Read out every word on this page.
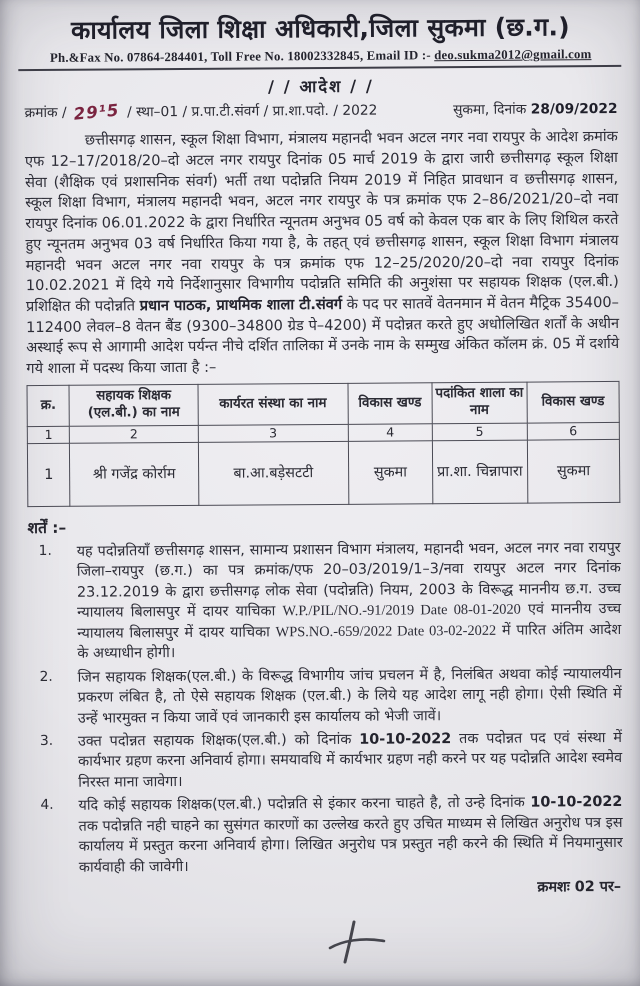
कार्यालय जिला शिक्षा अधिकारी,जिला सुकमा (छ.ग.)
Ph.&Fax No. 07864-284401, Toll Free No. 18002332845, Email ID :- deo.sukma2012@gmail.com
/ / आदेश / /
क्रमांक / 29¹5 / स्था–01 / प्र.पा.टी.संवर्ग / प्रा.शा.पदो. / 2022	सुकमा, दिनांक 28/09/2022

छत्तीसगढ़ शासन, स्कूल शिक्षा विभाग, मंत्रालय महानदी भवन अटल नगर नवा रायपुर के आदेश क्रमांक एफ 12–17/2018/20–दो अटल नगर रायपुर दिनांक 05 मार्च 2019 के द्वारा जारी छत्तीसगढ़ स्कूल शिक्षा सेवा (शैक्षिक एवं प्रशासनिक संवर्ग) भर्ती तथा पदोन्नति नियम 2019 में निहित प्रावधान व छत्तीसगढ़ शासन, स्कूल शिक्षा विभाग, मंत्रालय महानदी भवन, अटल नगर रायपुर के पत्र क्रमांक एफ 2–86/2021/20–दो नवा रायपुर दिनांक 06.01.2022 के द्वारा निर्धारित न्यूनतम अनुभव 05 वर्ष को केवल एक बार के लिए शिथिल करते हुए न्यूनतम अनुभव 03 वर्ष निर्धारित किया गया है, के तहत् एवं छत्तीसगढ़ शासन, स्कूल शिक्षा विभाग मंत्रालय महानदी भवन अटल नगर नवा रायपुर के पत्र क्रमांक एफ 12–25/2020/20–दो नवा रायपुर दिनांक 10.02.2021 में दिये गये निर्देशानुसार विभागीय पदोन्नति समिति की अनुशंसा पर सहायक शिक्षक (एल.बी.) प्रशिक्षित की पदोन्नति प्रधान पाठक, प्राथमिक शाला टी.संवर्ग के पद पर सातवें वेतनमान में वेतन मैट्रिक 35400–112400 लेवल–8 वेतन बैंड (9300–34800 ग्रेड पे–4200) में पदोन्नत करते हुए अधोलिखित शर्तों के अधीन अस्थाई रूप से आगामी आदेश पर्यन्त नीचे दर्शित तालिका में उनके नाम के सम्मुख अंकित कॉलम क्रं. 05 में दर्शाये गये शाला में पदस्थ किया जाता है :–

क्र.	सहायक शिक्षक (एल.बी.) का नाम	कार्यरत संस्था का नाम	विकास खण्ड	पदांकित शाला का नाम	विकास खण्ड
1	2	3	4	5	6
1	श्री गजेंद्र कोर्राम	बा.आ.बड़ेसटटी	सुकमा	प्रा.शा. चिन्नापारा	सुकमा
शर्तें :–
1.	यह पदोन्नतियाँ छत्तीसगढ़ शासन, सामान्य प्रशासन विभाग मंत्रालय, महानदी भवन, अटल नगर नवा रायपुर जिला–रायपुर (छ.ग.) का पत्र क्रमांक/एफ 20–03/2019/1–3/नवा रायपुर अटल नगर दिनांक 23.12.2019 के द्वारा छत्तीसगढ़ लोक सेवा (पदोन्नति) नियम, 2003 के विरूद्ध माननीय छ.ग. उच्च न्यायालय बिलासपुर में दायर याचिका W.P./PIL/NO.-91/2019 Date 08-01-2020 एवं माननीय उच्च न्यायालय बिलासपुर में दायर याचिका WPS.NO.-659/2022 Date 03-02-2022 में पारित अंतिम आदेश के अध्याधीन होगी।
2.	जिन सहायक शिक्षक(एल.बी.) के विरूद्ध विभागीय जांच प्रचलन में है, निलंबित अथवा कोई न्यायालयीन प्रकरण लंबित है, तो ऐसे सहायक शिक्षक (एल.बी.) के लिये यह आदेश लागू नही होगा। ऐसी स्थिति में उन्हें भारमुक्त न किया जावें एवं जानकारी इस कार्यालय को भेजी जावें।
3.	उक्त पदोन्नत सहायक शिक्षक(एल.बी.) को दिनांक 10-10-2022 तक पदोन्नत पद एवं संस्था में कार्यभार ग्रहण करना अनिवार्य होगा। समयावधि में कार्यभार ग्रहण नही करने पर यह पदोन्नति आदेश स्वमेव निरस्त माना जावेगा।
4.	यदि कोई सहायक शिक्षक(एल.बी.) पदोन्नति से इंकार करना चाहते है, तो उन्हे दिनांक 10-10-2022 तक पदोन्नति नही चाहने का सुसंगत कारणों का उल्लेख करते हुए उचित माध्यम से लिखित अनुरोध पत्र इस कार्यालय में प्रस्तुत करना अनिवार्य होगा। लिखित अनुरोध पत्र प्रस्तुत नही करने की स्थिति में नियमानुसार कार्यवाही की जावेगी।
क्रमशः 02 पर–
